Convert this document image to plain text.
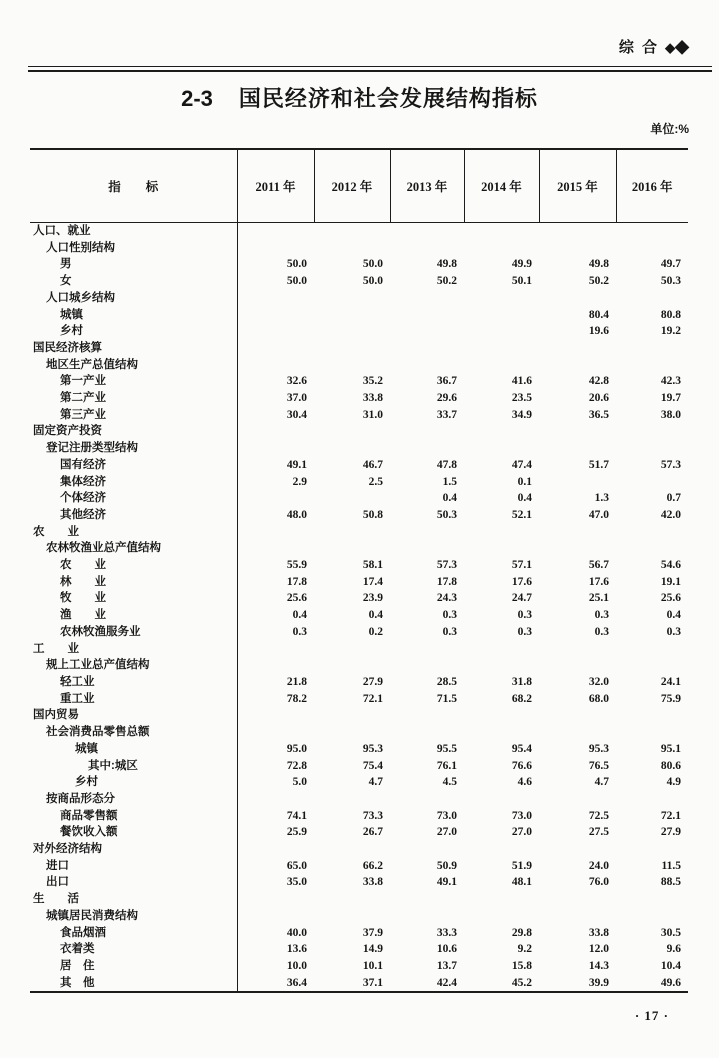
综 合 ◆◆
2-3 国民经济和社会发展结构指标
单位:%
指　　标	2011 年	2012 年	2013 年	2014 年	2015 年	2016 年
人口、就业						
人口性别结构						
男	50.0	50.0	49.8	49.9	49.8	49.7
女	50.0	50.0	50.2	50.1	50.2	50.3
人口城乡结构						
城镇					80.4	80.8
乡村					19.6	19.2
国民经济核算						
地区生产总值结构						
第一产业	32.6	35.2	36.7	41.6	42.8	42.3
第二产业	37.0	33.8	29.6	23.5	20.6	19.7
第三产业	30.4	31.0	33.7	34.9	36.5	38.0
固定资产投资						
登记注册类型结构						
国有经济	49.1	46.7	47.8	47.4	51.7	57.3
集体经济	2.9	2.5	1.5	0.1		
个体经济			0.4	0.4	1.3	0.7
其他经济	48.0	50.8	50.3	52.1	47.0	42.0
农　　业						
农林牧渔业总产值结构						
农　　业	55.9	58.1	57.3	57.1	56.7	54.6
林　　业	17.8	17.4	17.8	17.6	17.6	19.1
牧　　业	25.6	23.9	24.3	24.7	25.1	25.6
渔　　业	0.4	0.4	0.3	0.3	0.3	0.4
农林牧渔服务业	0.3	0.2	0.3	0.3	0.3	0.3
工　　业						
规上工业总产值结构						
轻工业	21.8	27.9	28.5	31.8	32.0	24.1
重工业	78.2	72.1	71.5	68.2	68.0	75.9
国内贸易						
社会消费品零售总额						
城镇	95.0	95.3	95.5	95.4	95.3	95.1
其中:城区	72.8	75.4	76.1	76.6	76.5	80.6
乡村	5.0	4.7	4.5	4.6	4.7	4.9
按商品形态分						
商品零售额	74.1	73.3	73.0	73.0	72.5	72.1
餐饮收入额	25.9	26.7	27.0	27.0	27.5	27.9
对外经济结构						
进口	65.0	66.2	50.9	51.9	24.0	11.5
出口	35.0	33.8	49.1	48.1	76.0	88.5
生　　活						
城镇居民消费结构						
食品烟酒	40.0	37.9	33.3	29.8	33.8	30.5
衣着类	13.6	14.9	10.6	9.2	12.0	9.6
居　住	10.0	10.1	13.7	15.8	14.3	10.4
其　他	36.4	37.1	42.4	45.2	39.9	49.6
· 17 ·
